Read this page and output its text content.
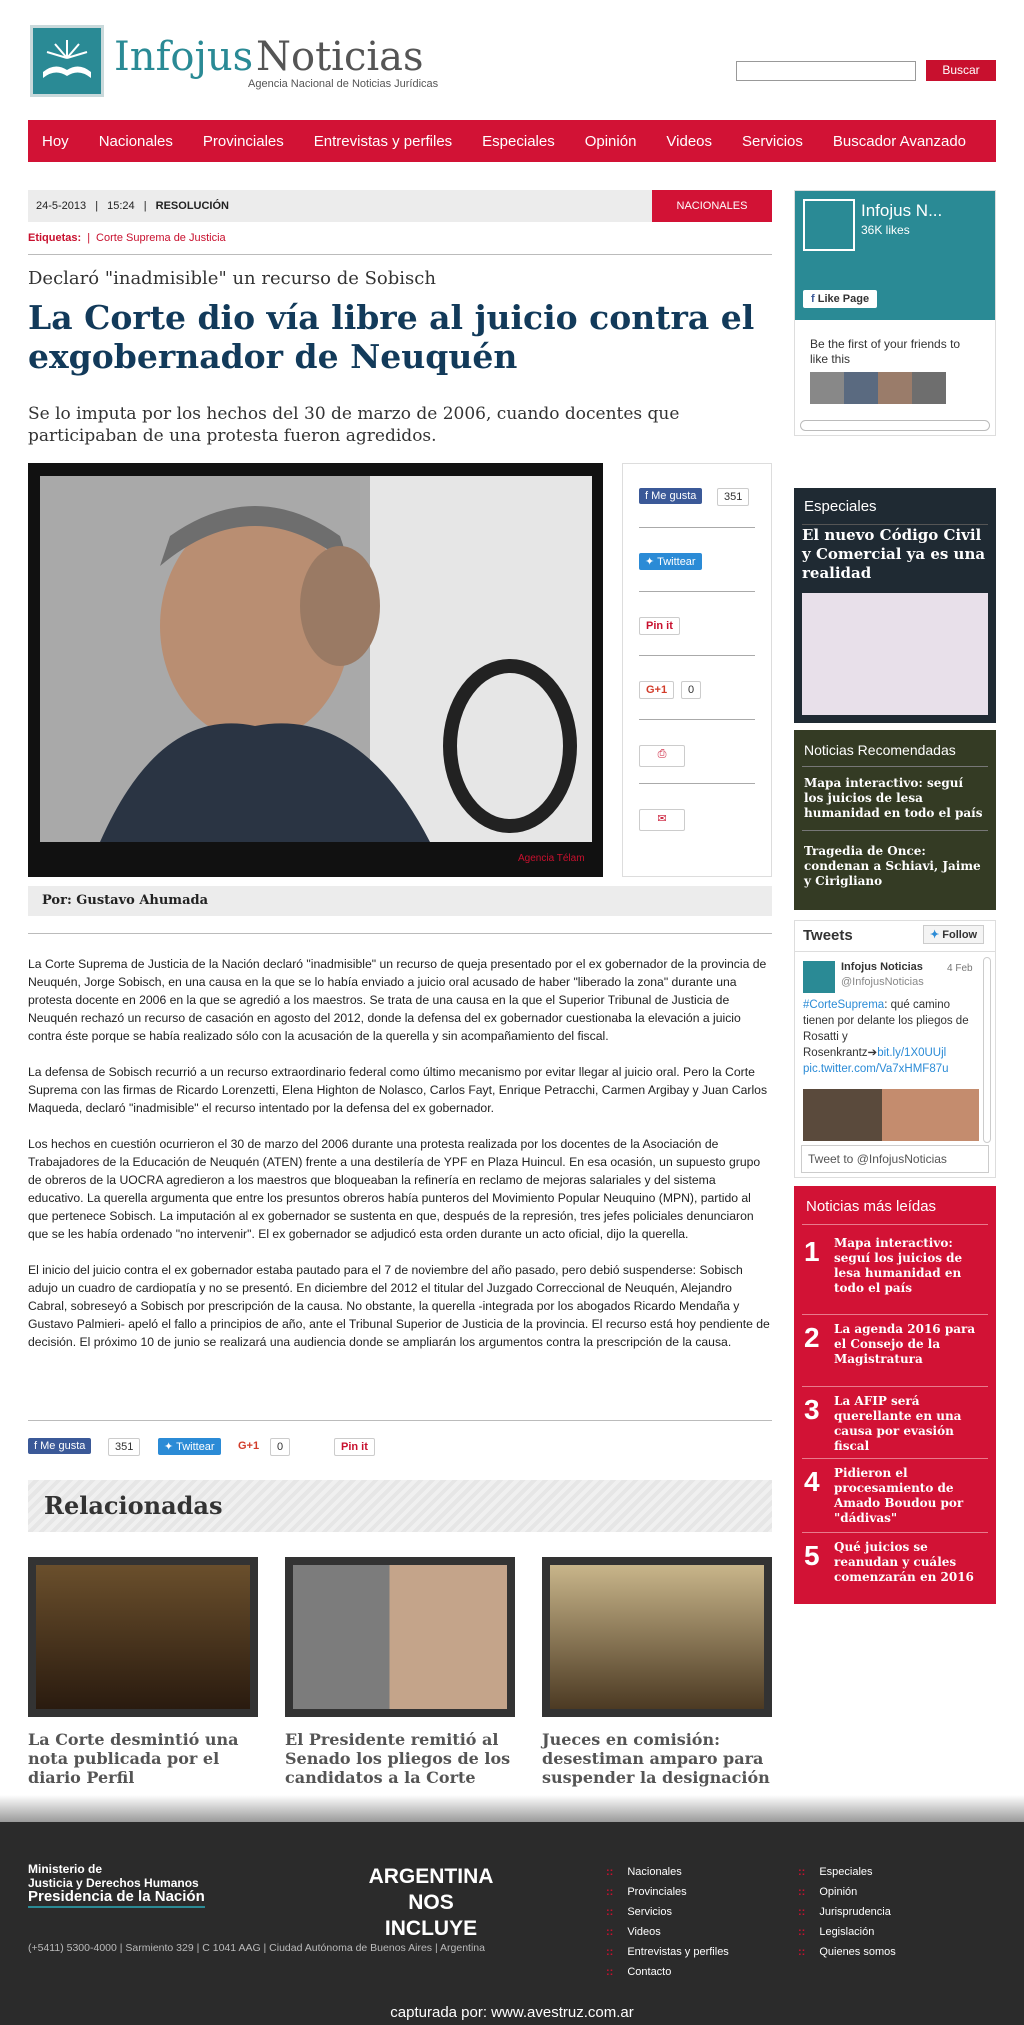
Infojus Noticias
Agencia Nacional de Noticias Jurídicas
Buscar
Hoy Nacionales Provinciales Entrevistas y perfiles Especiales Opinión Videos Servicios Buscador Avanzado
24-5-2013 | 15:24 | RESOLUCIÓN	NACIONALES
Etiquetas: | Corte Suprema de Justicia
Declaró "inadmisible" un recurso de Sobisch
La Corte dio vía libre al juicio contra el exgobernador de Neuquén
Se lo imputa por los hechos del 30 de marzo de 2006, cuando docentes que participaban de una protesta fueron agredidos.
Agencia Télam
f Me gusta	351
✦ Twittear
Pin it
G+1	0
⎙
✉
Por: Gustavo Ahumada

La Corte Suprema de Justicia de la Nación declaró "inadmisible" un recurso de queja presentado por el ex gobernador de la provincia de Neuquén, Jorge Sobisch, en una causa en la que se lo había enviado a juicio oral acusado de haber "liberado la zona" durante una protesta docente en 2006 en la que se agredió a los maestros. Se trata de una causa en la que el Superior Tribunal de Justicia de Neuquén rechazó un recurso de casación en agosto del 2012, donde la defensa del ex gobernador cuestionaba la elevación a juicio contra éste porque se había realizado sólo con la acusación de la querella y sin acompañamiento del fiscal.

La defensa de Sobisch recurrió a un recurso extraordinario federal como último mecanismo por evitar llegar al juicio oral. Pero la Corte Suprema con las firmas de Ricardo Lorenzetti, Elena Highton de Nolasco, Carlos Fayt, Enrique Petracchi, Carmen Argibay y Juan Carlos Maqueda, declaró "inadmisible" el recurso intentado por la defensa del ex gobernador.

Los hechos en cuestión ocurrieron el 30 de marzo del 2006 durante una protesta realizada por los docentes de la Asociación de Trabajadores de la Educación de Neuquén (ATEN) frente a una destilería de YPF en Plaza Huincul. En esa ocasión, un supuesto grupo de obreros de la UOCRA agredieron a los maestros que bloqueaban la refinería en reclamo de mejoras salariales y del sistema educativo. La querella argumenta que entre los presuntos obreros había punteros del Movimiento Popular Neuquino (MPN), partido al que pertenece Sobisch. La imputación al ex gobernador se sustenta en que, después de la represión, tres jefes policiales denunciaron que se les había ordenado "no intervenir". El ex gobernador se adjudicó esta orden durante un acto oficial, dijo la querella.

El inicio del juicio contra el ex gobernador estaba pautado para el 7 de noviembre del año pasado, pero debió suspenderse: Sobisch adujo un cuadro de cardiopatía y no se presentó. En diciembre del 2012 el titular del Juzgado Correccional de Neuquén, Alejandro Cabral, sobreseyó a Sobisch por prescripción de la causa. No obstante, la querella -integrada por los abogados Ricardo Mendaña y Gustavo Palmieri- apeló el fallo a principios de año, ante el Tribunal Superior de Justicia de la provincia. El recurso está hoy pendiente de decisión. El próximo 10 de junio se realizará una audiencia donde se ampliarán los argumentos contra la prescripción de la causa.

f Me gusta	351	✦ Twittear	G+1	0	Pin it
Relacionadas
La Corte desmintió una nota publicada por el diario Perfil
El Presidente remitió al Senado los pliegos de los candidatos a la Corte
Jueces en comisión: desestiman amparo para suspender la designación
Infojus N...
36K likes
f Like Page
Be the first of your friends to like this
Especiales
El nuevo Código Civil y Comercial ya es una realidad
Noticias Recomendadas
Mapa interactivo: seguí los juicios de lesa humanidad en todo el país
Tragedia de Once: condenan a Schiavi, Jaime y Cirigliano
Tweets	✦ Follow
Infojus Noticias 4 Feb
@InfojusNoticias
#CorteSuprema: qué camino tienen por delante los pliegos de Rosatti y Rosenkrantz➔bit.ly/1X0UUjl
pic.twitter.com/Va7xHMF87u
Tweet to @InfojusNoticias
Noticias más leídas
1 Mapa interactivo: seguí los juicios de lesa humanidad en todo el país
2 La agenda 2016 para el Consejo de la Magistratura
3 La AFIP será querellante en una causa por evasión fiscal
4 Pidieron el procesamiento de Amado Boudou por "dádivas"
5 Qué juicios se reanudan y cuáles comenzarán en 2016
Ministerio de
Justicia y Derechos Humanos
Presidencia de la Nación
ARGENTINA
NOS INCLUYE
(+5411) 5300-4000 | Sarmiento 329 | C 1041 AAG | Ciudad Autónoma de Buenos Aires | Argentina
:: Nacionales
:: Provinciales
:: Servicios
:: Videos
:: Entrevistas y perfiles
:: Contacto
:: Especiales
:: Opinión
:: Jurisprudencia
:: Legislación
:: Quienes somos
capturada por: www.avestruz.com.ar
